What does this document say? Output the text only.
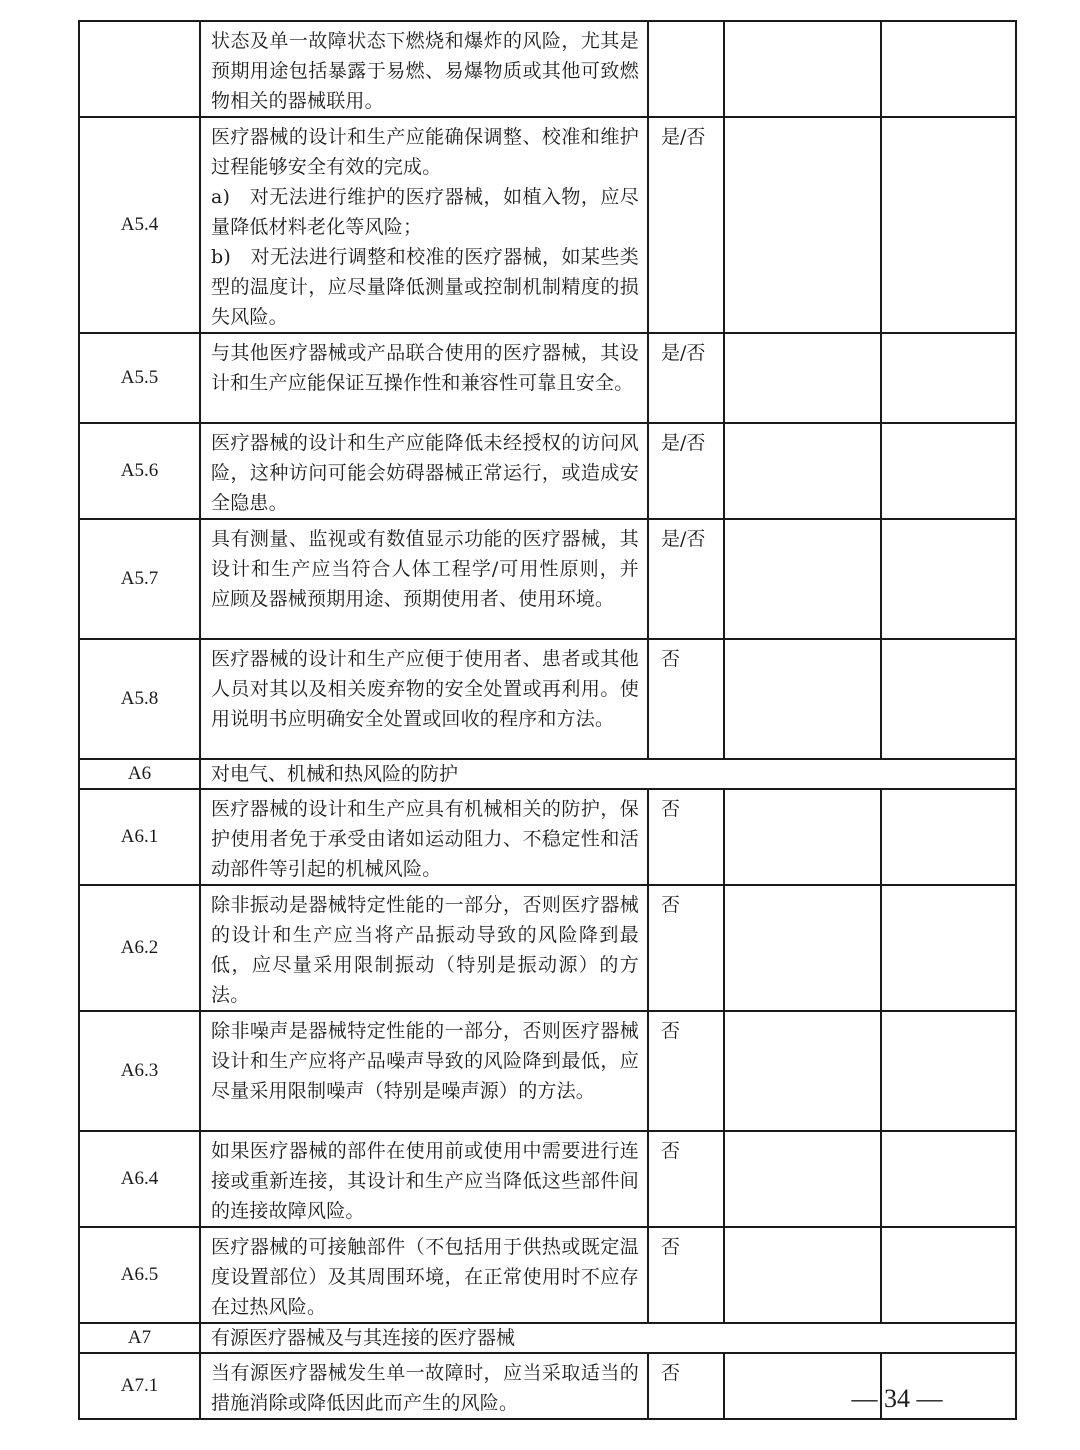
	状态及单一故障状态下燃烧和爆炸的风险，尤其是预期用途包括暴露于易燃、易爆物质或其他可致燃物相关的器械联用。			
A5.4	医疗器械的设计和生产应能确保调整、校准和维护过程能够安全有效的完成。
a)　对无法进行维护的医疗器械，如植入物，应尽量降低材料老化等风险；
b)　对无法进行调整和校准的医疗器械，如某些类型的温度计，应尽量降低测量或控制机制精度的损失风险。	是/否		
A5.5	与其他医疗器械或产品联合使用的医疗器械，其设计和生产应能保证互操作性和兼容性可靠且安全。	是/否		
A5.6	医疗器械的设计和生产应能降低未经授权的访问风险，这种访问可能会妨碍器械正常运行，或造成安全隐患。	是/否		
A5.7	具有测量、监视或有数值显示功能的医疗器械，其设计和生产应当符合人体工程学/可用性原则，并应顾及器械预期用途、预期使用者、使用环境。	是/否		
A5.8	医疗器械的设计和生产应便于使用者、患者或其他人员对其以及相关废弃物的安全处置或再利用。使用说明书应明确安全处置或回收的程序和方法。	否		
A6	对电气、机械和热风险的防护			
A6.1	医疗器械的设计和生产应具有机械相关的防护，保护使用者免于承受由诸如运动阻力、不稳定性和活动部件等引起的机械风险。	否		
A6.2	除非振动是器械特定性能的一部分，否则医疗器械的设计和生产应当将产品振动导致的风险降到最低，应尽量采用限制振动（特别是振动源）的方法。	否		
A6.3	除非噪声是器械特定性能的一部分，否则医疗器械设计和生产应将产品噪声导致的风险降到最低，应尽量采用限制噪声（特别是噪声源）的方法。	否		
A6.4	如果医疗器械的部件在使用前或使用中需要进行连接或重新连接，其设计和生产应当降低这些部件间的连接故障风险。	否		
A6.5	医疗器械的可接触部件（不包括用于供热或既定温度设置部位）及其周围环境，在正常使用时不应存在过热风险。	否		
A7	有源医疗器械及与其连接的医疗器械			
A7.1	当有源医疗器械发生单一故障时，应当采取适当的措施消除或降低因此而产生的风险。	否		
— 34 —
